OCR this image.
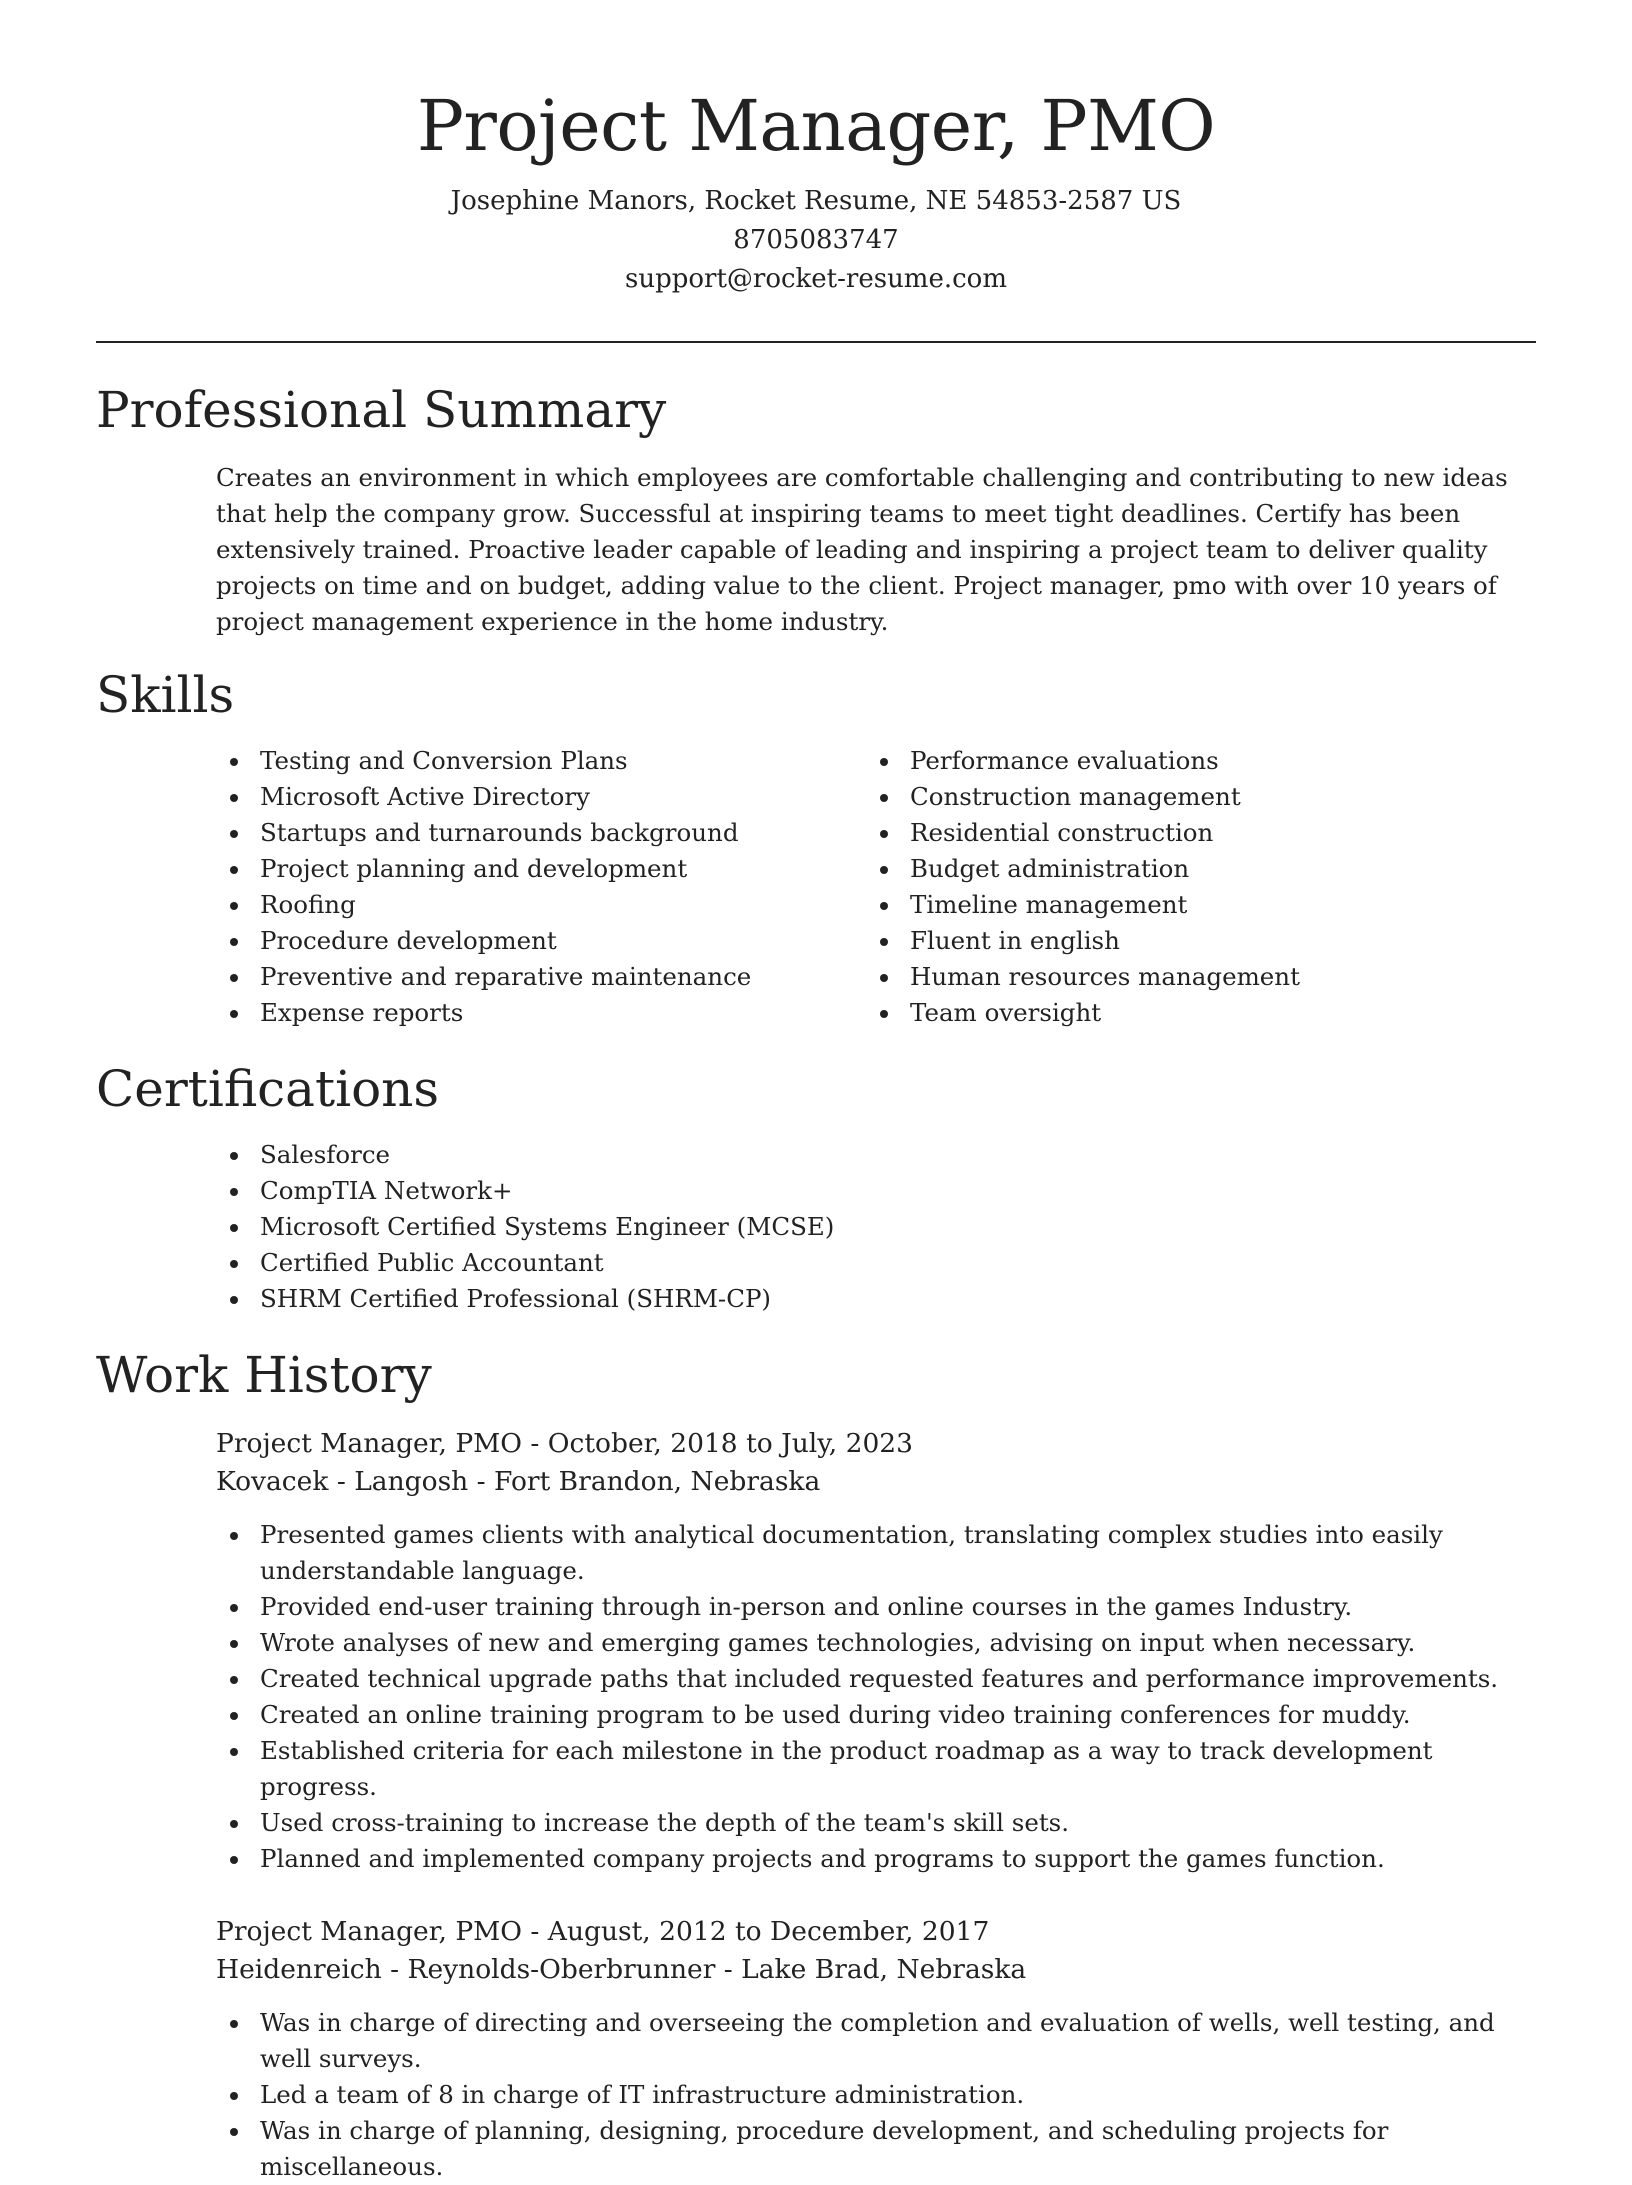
Project Manager, PMO
Josephine Manors, Rocket Resume, NE 54853-2587 US
8705083747
support@rocket-resume.com
Professional Summary
Creates an environment in which employees are comfortable challenging and contributing to new ideas that help the company grow. Successful at inspiring teams to meet tight deadlines. Certify has been extensively trained. Proactive leader capable of leading and inspiring a project team to deliver quality projects on time and on budget, adding value to the client. Project manager, pmo with over 10 years of project management experience in the home industry.
Skills
Testing and Conversion Plans
Microsoft Active Directory
Startups and turnarounds background
Project planning and development
Roofing
Procedure development
Preventive and reparative maintenance
Expense reports
Performance evaluations
Construction management
Residential construction
Budget administration
Timeline management
Fluent in english
Human resources management
Team oversight
Certifications
Salesforce
CompTIA Network+
Microsoft Certified Systems Engineer (MCSE)
Certified Public Accountant
SHRM Certified Professional (SHRM-CP)
Work History
Project Manager, PMO - October, 2018 to July, 2023
Kovacek - Langosh - Fort Brandon, Nebraska
Presented games clients with analytical documentation, translating complex studies into easily understandable language.
Provided end-user training through in-person and online courses in the games Industry.
Wrote analyses of new and emerging games technologies, advising on input when necessary.
Created technical upgrade paths that included requested features and performance improvements.
Created an online training program to be used during video training conferences for muddy.
Established criteria for each milestone in the product roadmap as a way to track development progress.
Used cross-training to increase the depth of the team's skill sets.
Planned and implemented company projects and programs to support the games function.
Project Manager, PMO - August, 2012 to December, 2017
Heidenreich - Reynolds-Oberbrunner - Lake Brad, Nebraska
Was in charge of directing and overseeing the completion and evaluation of wells, well testing, and well surveys.
Led a team of 8 in charge of IT infrastructure administration.
Was in charge of planning, designing, procedure development, and scheduling projects for miscellaneous.
